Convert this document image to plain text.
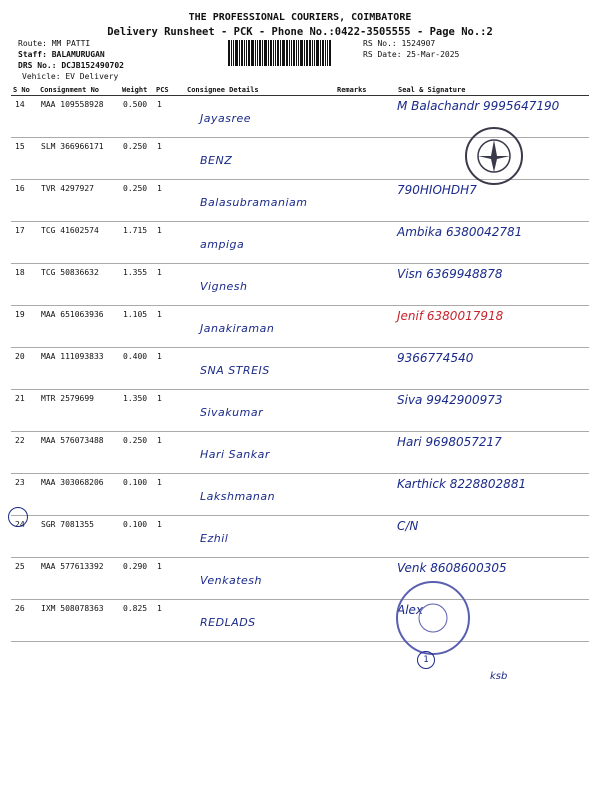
THE PROFESSIONAL COURIERS, COIMBATORE
Delivery Runsheet - PCK - Phone No.:0422-3505555 - Page No.:2
Route: MM PATTI
Staff: BALAMURUGAN
DRS No.: DCJB152490702
Vehicle: EV Delivery
RS No.: 1524907
RS Date: 25-Mar-2025
S No	Consignment No	Weight	PCS	Consignee Details	Remarks	Seal & Signature
14	MAA 109558928	0.500	1	Jayasree		M Balachandr 9995647190

15	SLM 366966171	0.250	1	BENZ		

16	TVR 4297927	0.250	1	Balasubramaniam		790HIOHDH7

17	TCG 41602574	1.715	1	ampiga		Ambika 6380042781

18	TCG 50836632	1.355	1	Vignesh		Visn 6369948878

19	MAA 651063936	1.105	1	Janakiraman		Jenif 6380017918

20	MAA 111093833	0.400	1	SNA STREIS		9366774540

21	MTR 2579699	1.350	1	Sivakumar		Siva 9942900973

22	MAA 576073488	0.250	1	Hari Sankar		Hari 9698057217

23	MAA 303068206	0.100	1	Lakshmanan		Karthick 8228802881

24	SGR 7081355	0.100	1	Ezhil		C/N

25	MAA 577613392	0.290	1	Venkatesh		Venk 8608600305

26	IXM 508078363	0.825	1	REDLADS		Alex
1
ksb
